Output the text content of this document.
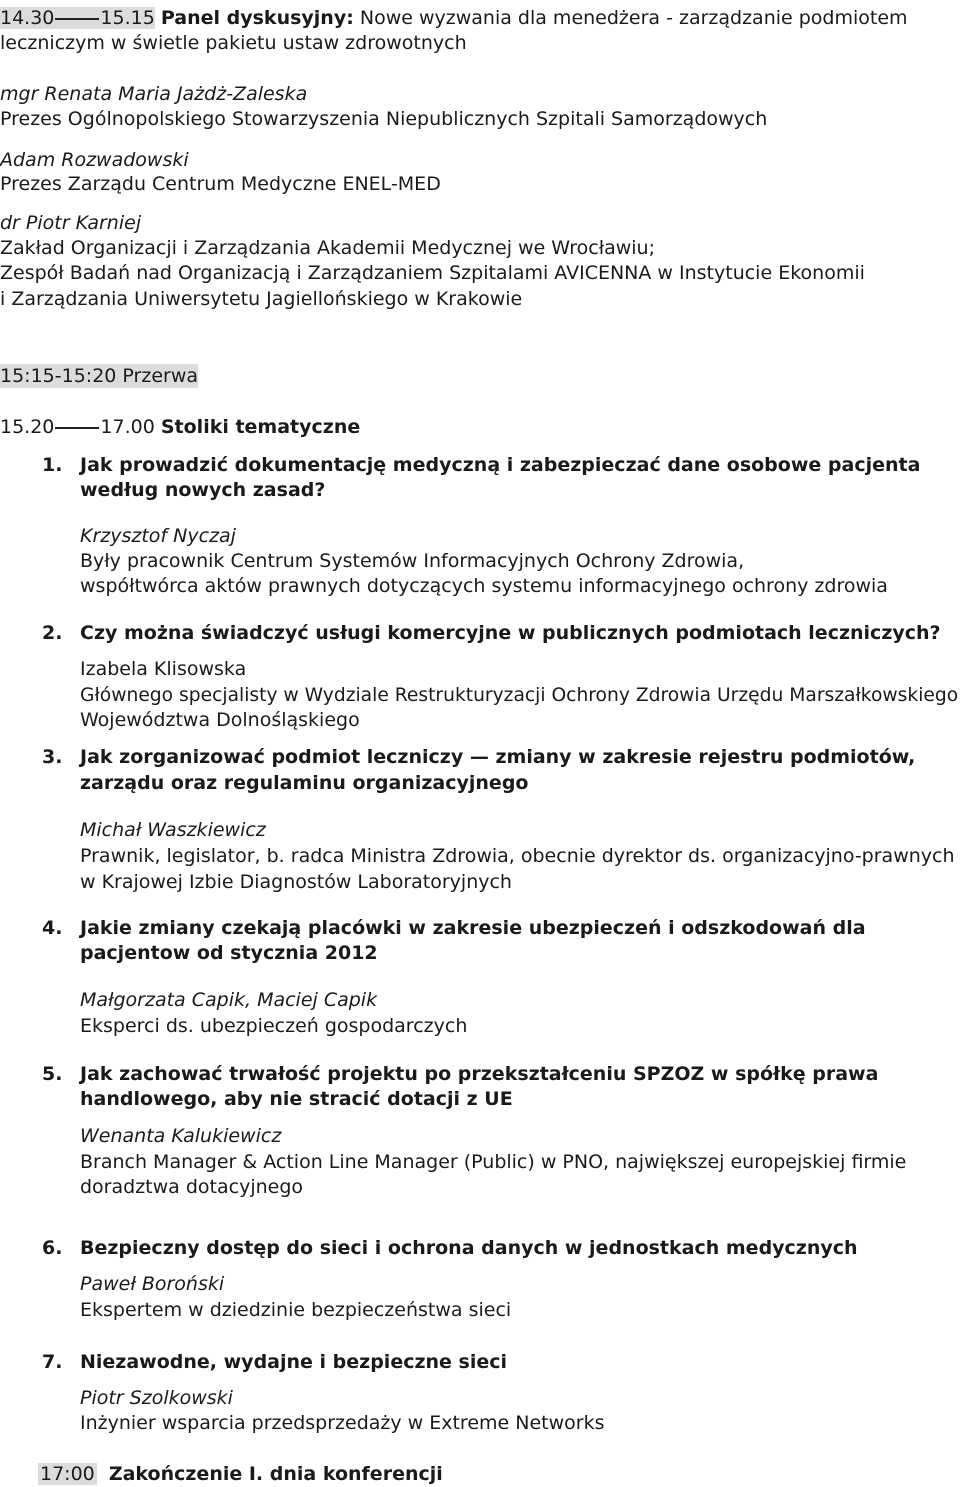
14.30 15.15 Panel dyskusyjny: Nowe wyzwania dla menedżera - zarządzanie podmiotem
leczniczym w świetle pakietu ustaw zdrowotnych
mgr Renata Maria Jażdż-Zaleska
Prezes Ogólnopolskiego Stowarzyszenia Niepublicznych Szpitali Samorządowych
Adam Rozwadowski
Prezes Zarządu Centrum Medyczne ENEL-MED
dr Piotr Karniej
Zakład Organizacji i Zarządzania Akademii Medycznej we Wrocławiu;
Zespół Badań nad Organizacją i Zarządzaniem Szpitalami AVICENNA w Instytucie Ekonomii
i Zarządzania Uniwersytetu Jagiellońskiego w Krakowie
15:15-15:20 Przerwa
15.20 17.00 Stoliki tematyczne
1. Jak prowadzić dokumentację medyczną i zabezpieczać dane osobowe pacjenta
według nowych zasad?
Krzysztof Nyczaj
Były pracownik Centrum Systemów Informacyjnych Ochrony Zdrowia,
współtwórca aktów prawnych dotyczących systemu informacyjnego ochrony zdrowia
2. Czy można świadczyć usługi komercyjne w publicznych podmiotach leczniczych?
Izabela Klisowska
Głównego specjalisty w Wydziale Restrukturyzacji Ochrony Zdrowia Urzędu Marszałkowskiego
Województwa Dolnośląskiego
3. Jak zorganizować podmiot leczniczy — zmiany w zakresie rejestru podmiotów,
zarządu oraz regulaminu organizacyjnego
Michał Waszkiewicz
Prawnik, legislator, b. radca Ministra Zdrowia, obecnie dyrektor ds. organizacyjno-prawnych
w Krajowej Izbie Diagnostów Laboratoryjnych
4. Jakie zmiany czekają placówki w zakresie ubezpieczeń i odszkodowań dla
pacjentow od stycznia 2012
Małgorzata Capik, Maciej Capik
Eksperci ds. ubezpieczeń gospodarczych
5. Jak zachować trwałość projektu po przekształceniu SPZOZ w spółkę prawa
handlowego, aby nie stracić dotacji z UE
Wenanta Kalukiewicz
Branch Manager & Action Line Manager (Public) w PNO, największej europejskiej firmie
doradztwa dotacyjnego
6. Bezpieczny dostęp do sieci i ochrona danych w jednostkach medycznych
Paweł Boroński
Ekspertem w dziedzinie bezpieczeństwa sieci
7. Niezawodne, wydajne i bezpieczne sieci
Piotr Szolkowski
Inżynier wsparcia przedsprzedaży w Extreme Networks
17:00 Zakończenie I. dnia konferencji
